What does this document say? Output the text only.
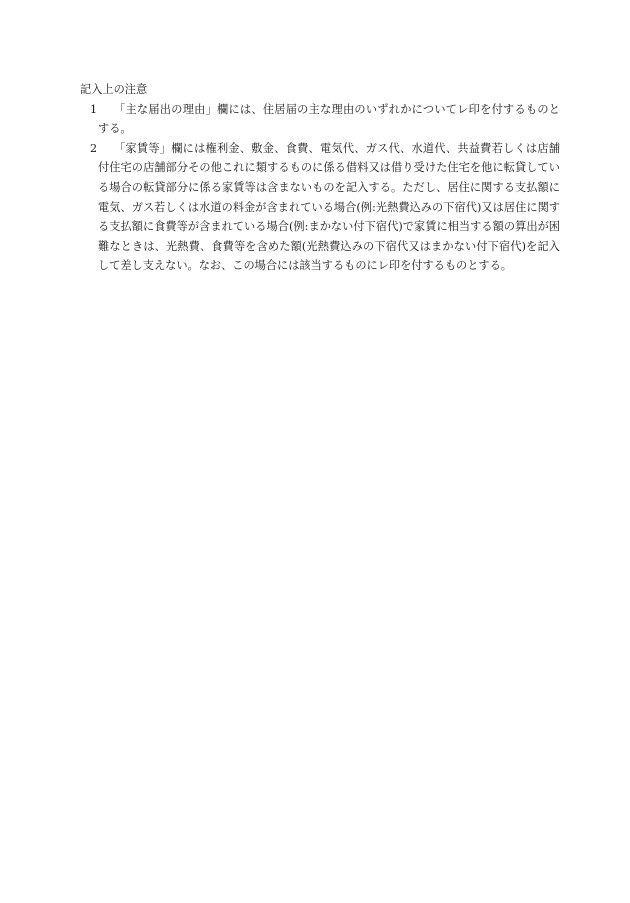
記入上の注意
1	「主な届出の理由」欄には、住居届の主な理由のいずれかについてレ印を付するものとする。
2	「家賃等」欄には権利金、敷金、食費、電気代、ガス代、水道代、共益費若しくは店舗付住宅の店舗部分その他これに類するものに係る借料又は借り受けた住宅を他に転貸している場合の転貸部分に係る家賃等は含まないものを記入する。ただし、居住に関する支払額に電気、ガス若しくは水道の料金が含まれている場合(例:光熱費込みの下宿代)又は居住に関する支払額に食費等が含まれている場合(例:まかない付下宿代)で家賃に相当する額の算出が困難なときは、光熱費、食費等を含めた額(光熱費込みの下宿代又はまかない付下宿代)を記入して差し支えない。なお、この場合には該当するものにレ印を付するものとする。
